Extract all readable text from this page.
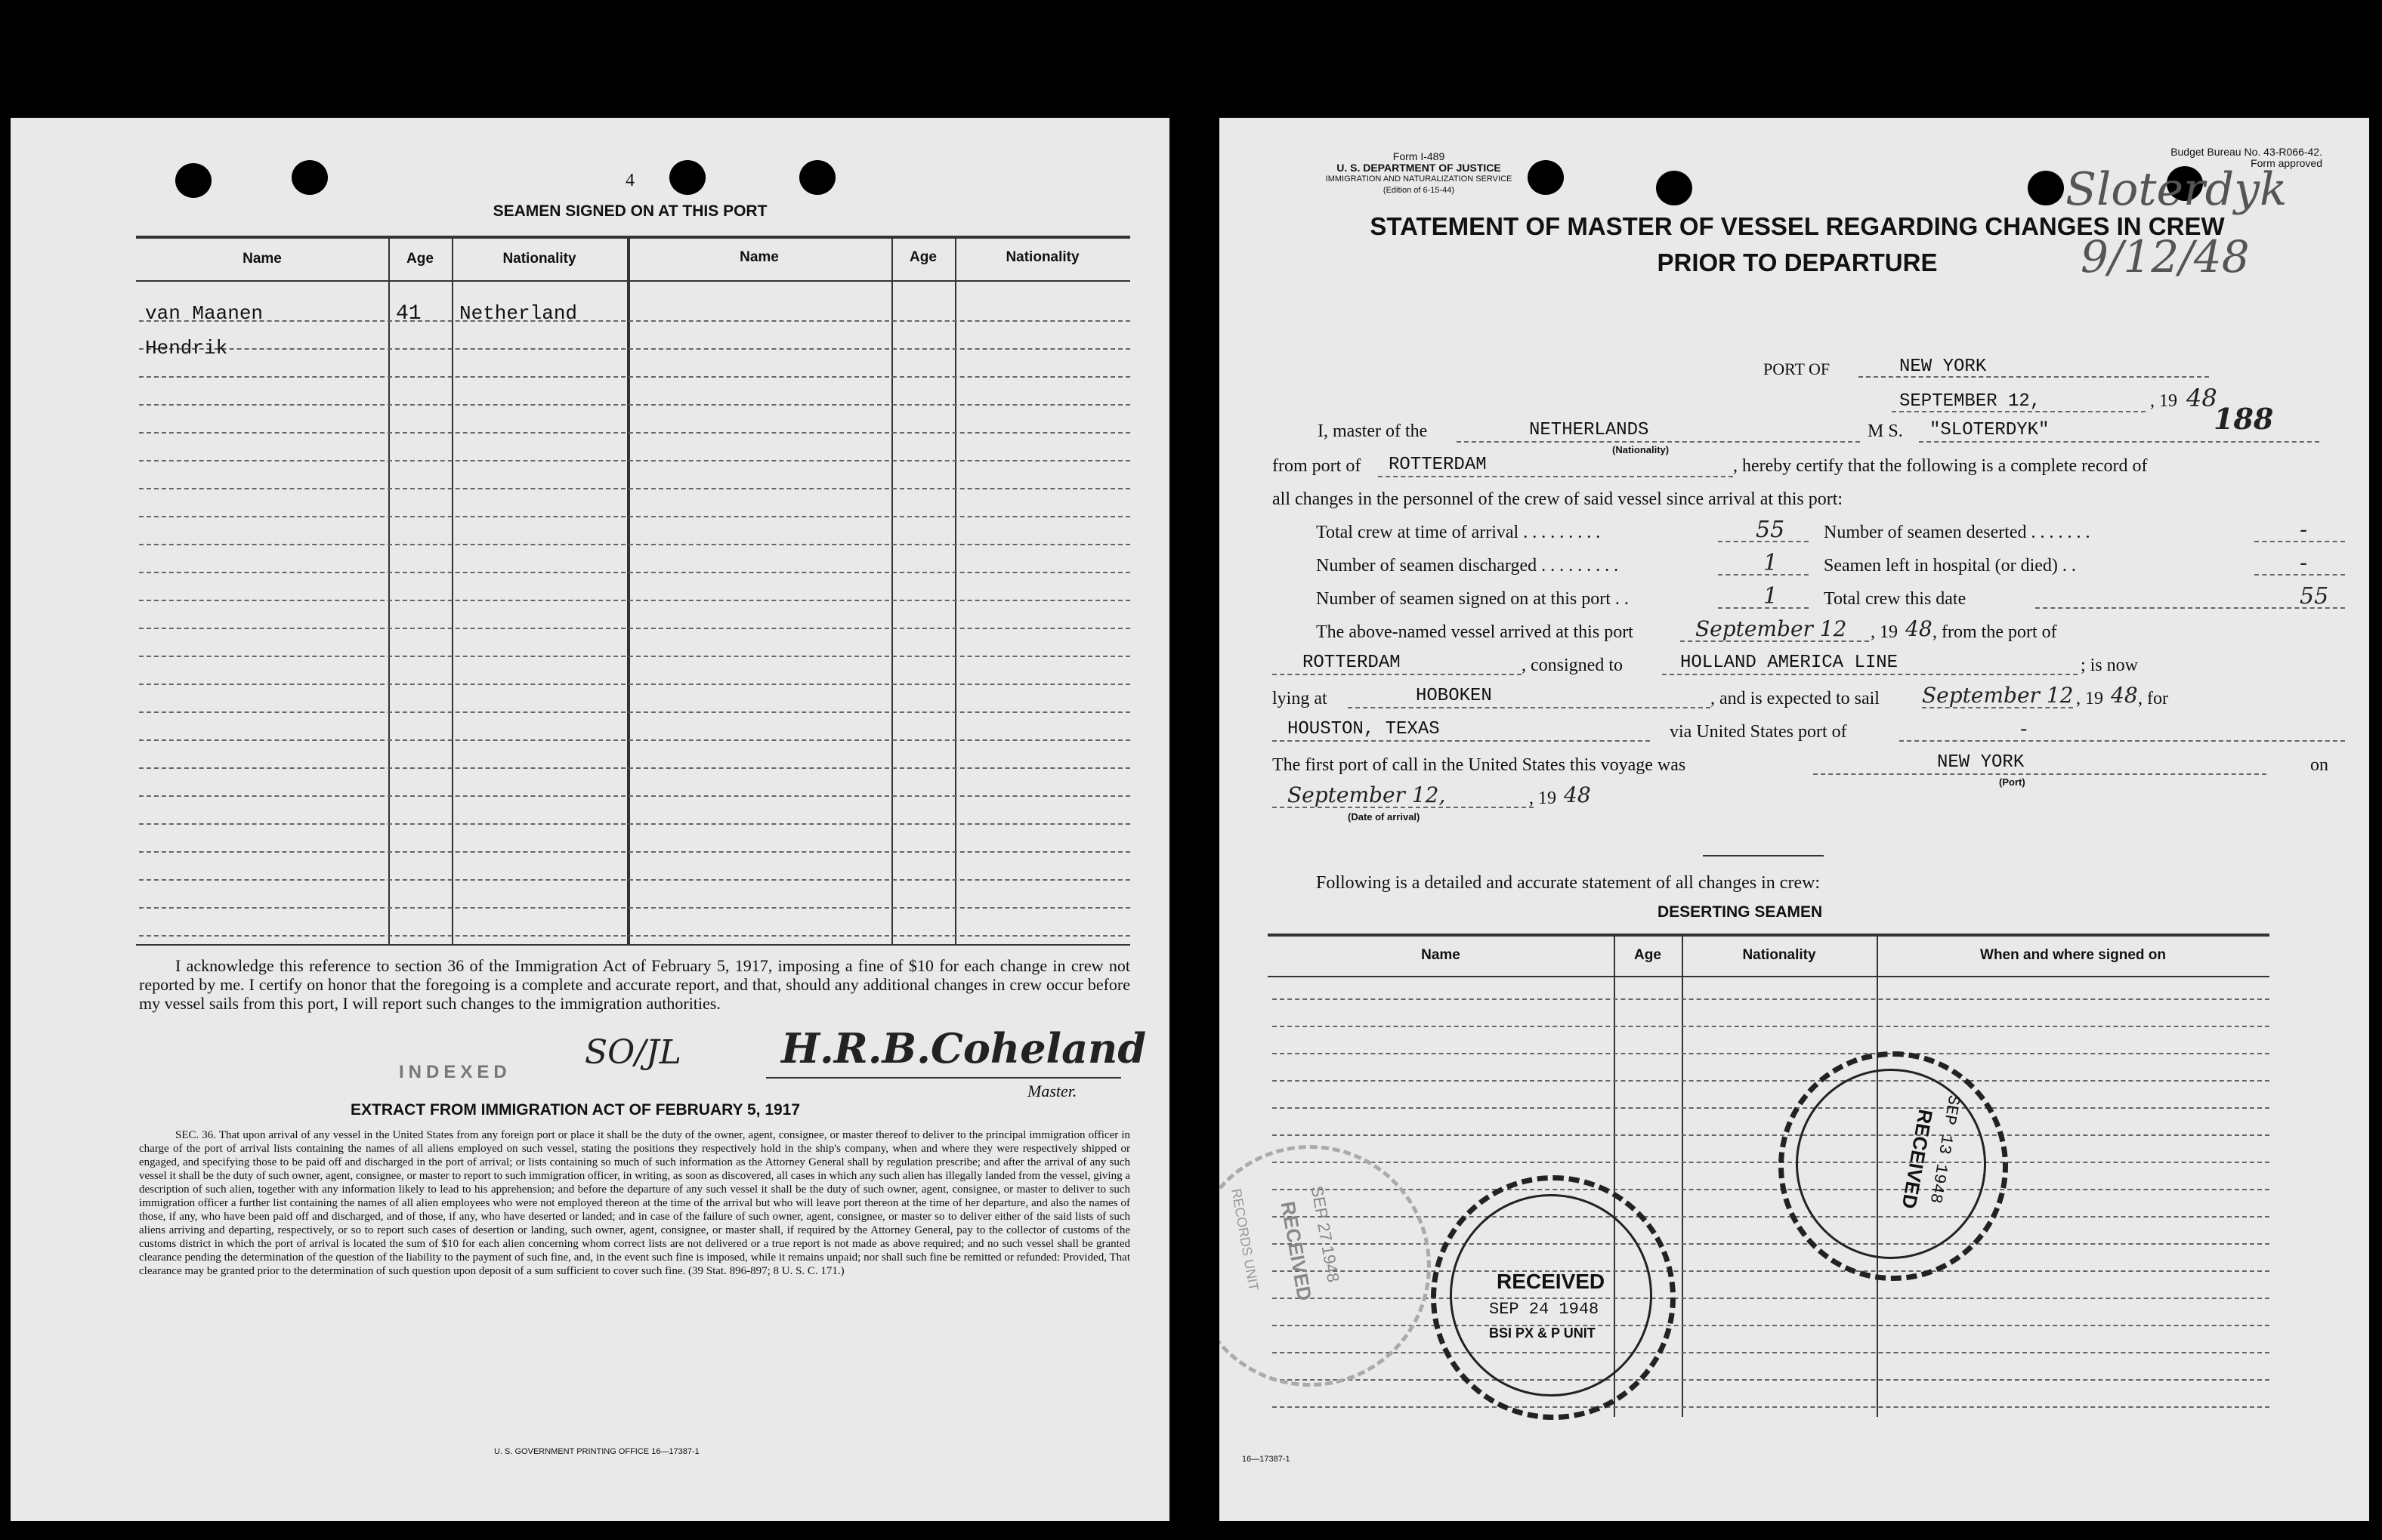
4
SEAMEN SIGNED ON AT THIS PORT
Name	Age	Nationality	Name	Age	Nationality
van Maanen	41 Netherland
Hendrik
I acknowledge this reference to section 36 of the Immigration Act of February 5, 1917, imposing a fine of $10 for each change in crew not reported by me. I certify on honor that the foregoing is a complete and accurate report, and that, should any additional changes in crew occur before my vessel sails from this port, I will report such changes to the immigration authorities.
INDEXED
SO/JL H.R.B.Coheland
Master.
EXTRACT FROM IMMIGRATION ACT OF FEBRUARY 5, 1917
SEC. 36. That upon arrival of any vessel in the United States from any foreign port or place it shall be the duty of the owner, agent, consignee, or master thereof to deliver to the principal immigration officer in charge of the port of arrival lists containing the names of all aliens employed on such vessel, stating the positions they respectively hold in the ship's company, when and where they were respectively shipped or engaged, and specifying those to be paid off and discharged in the port of arrival; or lists containing so much of such information as the Attorney General shall by regulation prescribe; and after the arrival of any such vessel it shall be the duty of such owner, agent, consignee, or master to report to such immigration officer, in writing, as soon as discovered, all cases in which any such alien has illegally landed from the vessel, giving a description of such alien, together with any information likely to lead to his apprehension; and before the departure of any such vessel it shall be the duty of such owner, agent, consignee, or master to deliver to such immigration officer a further list containing the names of all alien employees who were not employed thereon at the time of the arrival but who will leave port thereon at the time of her departure, and also the names of those, if any, who have been paid off and discharged, and of those, if any, who have deserted or landed; and in case of the failure of such owner, agent, consignee, or master so to deliver either of the said lists of such aliens arriving and departing, respectively, or so to report such cases of desertion or landing, such owner, agent, consignee, or master shall, if required by the Attorney General, pay to the collector of customs of the customs district in which the port of arrival is located the sum of $10 for each alien concerning whom correct lists are not delivered or a true report is not made as above required; and no such vessel shall be granted clearance pending the determination of the question of the liability to the payment of such fine, and, in the event such fine is imposed, while it remains unpaid; nor shall such fine be remitted or refunded: Provided, That clearance may be granted prior to the determination of such question upon deposit of a sum sufficient to cover such fine. (39 Stat. 896-897; 8 U. S. C. 171.)
U. S. GOVERNMENT PRINTING OFFICE 16—17387-1
Form I-489
U. S. DEPARTMENT OF JUSTICE
IMMIGRATION AND NATURALIZATION SERVICE
(Edition of 6-15-44)
Budget Bureau No. 43-R066-42.
Form approved
Sloterdyk
9/12/48
STATEMENT OF MASTER OF VESSEL REGARDING CHANGES IN CREW
PRIOR TO DEPARTURE
PORT OF	NEW YORK
SEPTEMBER 12,	, 19 48
188
I, master of the	NETHERLANDS
(Nationality)
M S. "SLOTERDYK"
from port of ROTTERDAM	, hereby certify that the following is a complete record of
all changes in the personnel of the crew of said vessel since arrival at this port:
Total crew at time of arrival . . . . . . . . .	55 Number of seamen deserted . . . . . . .	-
Number of seamen discharged . . . . . . . . .	1	Seamen left in hospital (or died) . .	-
Number of seamen signed on at this port . .	1	Total crew this date	55
The above-named vessel arrived at this port	September 12 , 19 48 , from the port of
ROTTERDAM	, consigned to	HOLLAND AMERICA LINE	; is now
lying at	HOBOKEN	, and is expected to sail September 12 , 19 48 , for
HOUSTON, TEXAS	via United States port of	-
The first port of call in the United States this voyage was	NEW YORK
(Port)
on
September 12,
(Date of arrival)
, 19 48
Following is a detailed and accurate statement of all changes in crew:
DESERTING SEAMEN
Name	Age	Nationality	When and where signed on
RECEIVED
SEP 27 1948
RECORDS UNIT	RECEIVED
SEP 24 1948
BSI PX & P UNIT
RECEIVED
SEP 13 1948
16—17387-1
